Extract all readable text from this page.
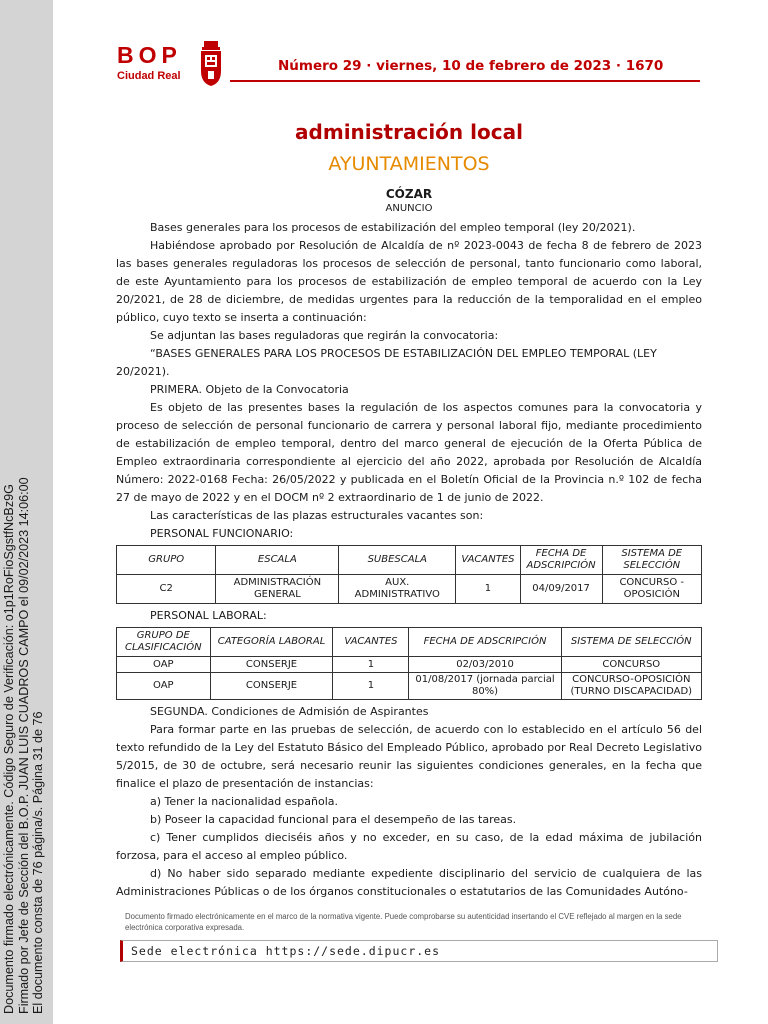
Documento firmado electrónicamente. Código Seguro de Verificación: o1p1RoFioSgstfNcBz9G Firmado por Jefe de Sección del B.O.P. JUAN LUIS CUADROS CAMPO el 09/02/2023 14:06:00 El documento consta de 76 página/s. Página 31 de 76
BOP
Ciudad Real
Número 29 · viernes, 10 de febrero de 2023 · 1670
administración local
AYUNTAMIENTOS
CÓZAR
ANUNCIO

Bases generales para los procesos de estabilización del empleo temporal (ley 20/2021).

Habiéndose aprobado por Resolución de Alcaldía de nº 2023-0043 de fecha 8 de febrero de 2023 las bases generales reguladoras los procesos de selección de personal, tanto funcionario como laboral, de este Ayuntamiento para los procesos de estabilización de empleo temporal de acuerdo con la Ley 20/2021, de 28 de diciembre, de medidas urgentes para la reducción de la temporalidad en el empleo público, cuyo texto se inserta a continuación:

Se adjuntan las bases reguladoras que regirán la convocatoria:

“BASES GENERALES PARA LOS PROCESOS DE ESTABILIZACIÓN DEL EMPLEO TEMPORAL (LEY 20/2021).

PRIMERA. Objeto de la Convocatoria

Es objeto de las presentes bases la regulación de los aspectos comunes para la convocatoria y proceso de selección de personal funcionario de carrera y personal laboral fijo, mediante procedimiento de estabilización de empleo temporal, dentro del marco general de ejecución de la Oferta Pública de Empleo extraordinaria correspondiente al ejercicio del año 2022, aprobada por Resolución de Alcaldía Número: 2022-0168 Fecha: 26/05/2022 y publicada en el Boletín Oficial de la Provincia n.º 102 de fecha 27 de mayo de 2022 y en el DOCM nº 2 extraordinario de 1 de junio de 2022.

Las características de las plazas estructurales vacantes son:

PERSONAL FUNCIONARIO:

GRUPO	ESCALA	SUBESCALA	VACANTES	FECHA DE ADSCRIPCIÓN	SISTEMA DE SELECCIÓN
C2	ADMINISTRACIÓN GENERAL	AUX. ADMINISTRATIVO	1	04/09/2017	CONCURSO -OPOSICIÓN

PERSONAL LABORAL:

GRUPO DE CLASIFICACIÓN	CATEGORÍA LABORAL	VACANTES	FECHA DE ADSCRIPCIÓN	SISTEMA DE SELECCIÓN
OAP	CONSERJE	1	02/03/2010	CONCURSO
OAP	CONSERJE	1	01/08/2017 (jornada parcial 80%)	CONCURSO-OPOSICIÓN (TURNO DISCAPACIDAD)

SEGUNDA. Condiciones de Admisión de Aspirantes

Para formar parte en las pruebas de selección, de acuerdo con lo establecido en el artículo 56 del texto refundido de la Ley del Estatuto Básico del Empleado Público, aprobado por Real Decreto Legislativo 5/2015, de 30 de octubre, será necesario reunir las siguientes condiciones generales, en la fecha que finalice el plazo de presentación de instancias:

a) Tener la nacionalidad española.

b) Poseer la capacidad funcional para el desempeño de las tareas.

c) Tener cumplidos dieciséis años y no exceder, en su caso, de la edad máxima de jubilación forzosa, para el acceso al empleo público.

d) No haber sido separado mediante expediente disciplinario del servicio de cualquiera de las Administraciones Públicas o de los órganos constitucionales o estatutarios de las Comunidades Autóno-

Documento firmado electrónicamente en el marco de la normativa vigente. Puede comprobarse su autenticidad insertando el CVE reflejado al margen en la sede electrónica corporativa expresada.
Sede electrónica https://sede.dipucr.es
